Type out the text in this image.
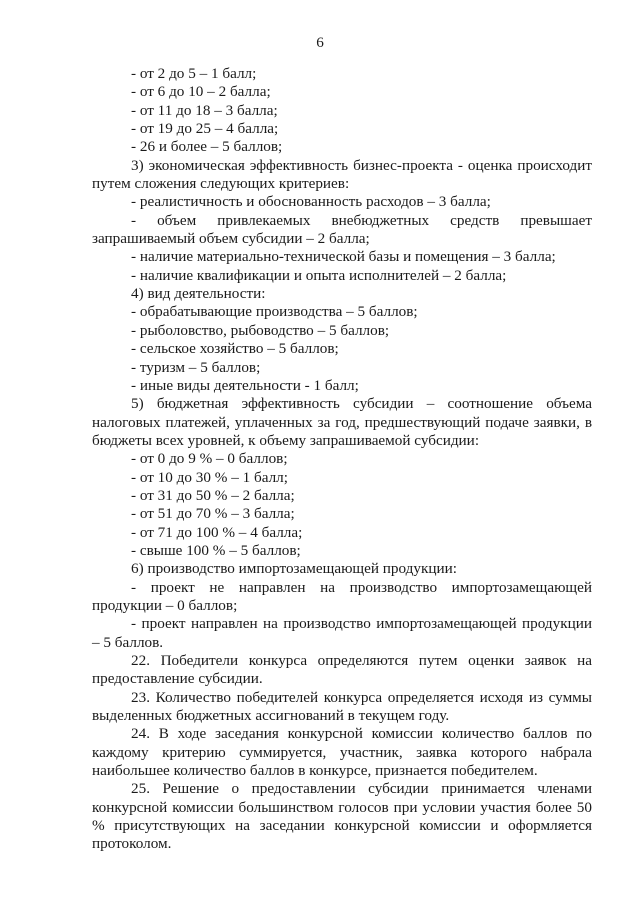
6

- от 2 до 5 – 1 балл;

- от 6 до 10 – 2 балла;

- от 11 до 18 – 3 балла;

- от 19 до 25 – 4 балла;

- 26 и более – 5 баллов;

3) экономическая эффективность бизнес-проекта - оценка происходит путем сложения следующих критериев:

- реалистичность и обоснованность расходов – 3 балла;

- объем привлекаемых внебюджетных средств превышает запрашиваемый объем субсидии – 2 балла;

- наличие материально-технической базы и помещения – 3 балла;

- наличие квалификации и опыта исполнителей – 2 балла;

4) вид деятельности:

- обрабатывающие производства – 5 баллов;

- рыболовство, рыбоводство – 5 баллов;

- сельское хозяйство – 5 баллов;

- туризм – 5 баллов;

- иные виды деятельности - 1 балл;

5) бюджетная эффективность субсидии – соотношение объема налоговых платежей, уплаченных за год, предшествующий подаче заявки, в бюджеты всех уровней, к объему запрашиваемой субсидии:

- от 0 до 9 % – 0 баллов;

- от 10 до 30 % – 1 балл;

- от 31 до 50 % – 2 балла;

- от 51 до 70 % – 3 балла;

- от 71 до 100 % – 4 балла;

- свыше 100 % – 5 баллов;

6) производство импортозамещающей продукции:

- проект не направлен на производство импортозамещающей продукции – 0 баллов;

- проект направлен на производство импортозамещающей продукции – 5 баллов.

22. Победители конкурса определяются путем оценки заявок на предоставление субсидии.

23. Количество победителей конкурса определяется исходя из суммы выделенных бюджетных ассигнований в текущем году.

24. В ходе заседания конкурсной комиссии количество баллов по каждому критерию суммируется, участник, заявка которого набрала наибольшее количество баллов в конкурсе, признается победителем.

25. Решение о предоставлении субсидии принимается членами конкурсной комиссии большинством голосов при условии участия более 50 % присутствующих на заседании конкурсной комиссии и оформляется протоколом.
